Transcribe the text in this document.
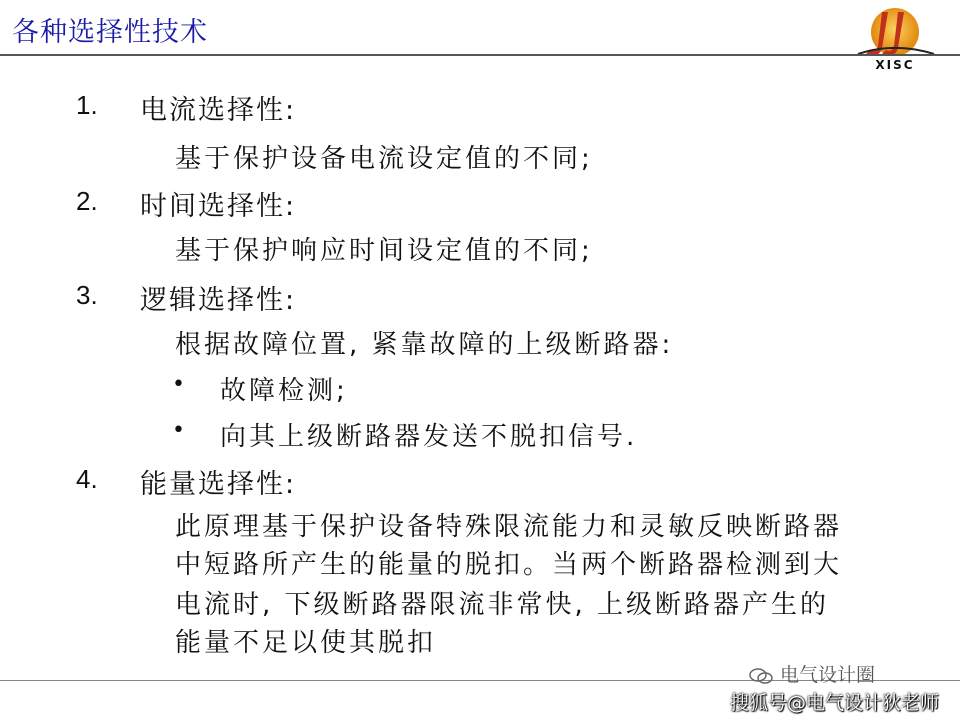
各种选择性技术
XISC
1. 电流选择性:
基于保护设备电流设定值的不同;
2. 时间选择性:
基于保护响应时间设定值的不同;
3. 逻辑选择性:
根据故障位置, 紧靠故障的上级断路器:
• 故障检测;
• 向其上级断路器发送不脱扣信号.
4. 能量选择性:
此原理基于保护设备特殊限流能力和灵敏反映断路器
中短路所产生的能量的脱扣。当两个断路器检测到大
电流时, 下级断路器限流非常快, 上级断路器产生的
能量不足以使其脱扣
电气设计圈
搜狐号@电气设计狄老师
